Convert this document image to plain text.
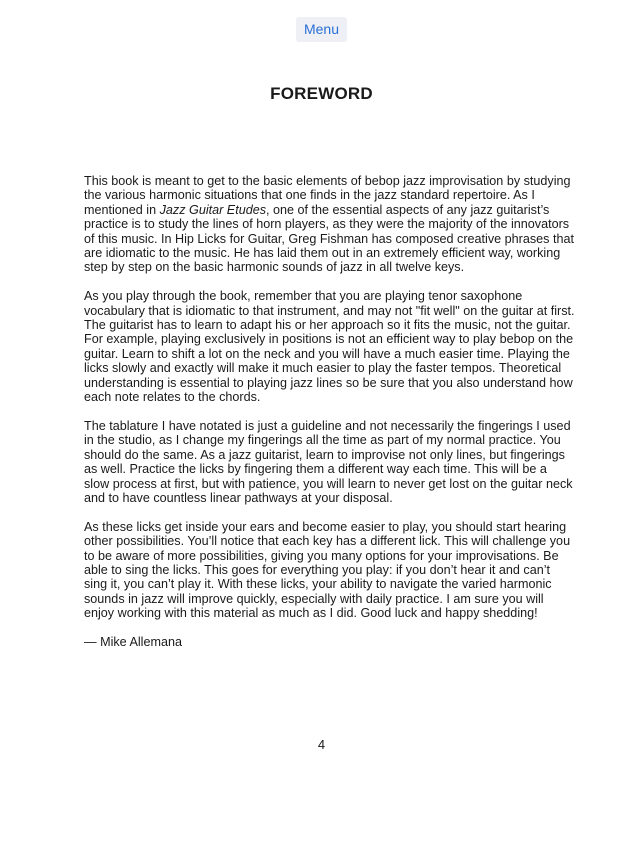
Menu
FOREWORD

This book is meant to get to the basic elements of bebop jazz improvisation by studying
the various harmonic situations that one finds in the jazz standard repertoire. As I
mentioned in Jazz Guitar Etudes, one of the essential aspects of any jazz guitarist’s
practice is to study the lines of horn players, as they were the majority of the innovators
of this music. In Hip Licks for Guitar, Greg Fishman has composed creative phrases that
are idiomatic to the music. He has laid them out in an extremely efficient way, working
step by step on the basic harmonic sounds of jazz in all twelve keys.

As you play through the book, remember that you are playing tenor saxophone
vocabulary that is idiomatic to that instrument, and may not "fit well" on the guitar at first.
The guitarist has to learn to adapt his or her approach so it fits the music, not the guitar.
For example, playing exclusively in positions is not an efficient way to play bebop on the
guitar. Learn to shift a lot on the neck and you will have a much easier time. Playing the
licks slowly and exactly will make it much easier to play the faster tempos. Theoretical
understanding is essential to playing jazz lines so be sure that you also understand how
each note relates to the chords.

The tablature I have notated is just a guideline and not necessarily the fingerings I used
in the studio, as I change my fingerings all the time as part of my normal practice. You
should do the same. As a jazz guitarist, learn to improvise not only lines, but fingerings
as well. Practice the licks by fingering them a different way each time. This will be a
slow process at first, but with patience, you will learn to never get lost on the guitar neck
and to have countless linear pathways at your disposal.

As these licks get inside your ears and become easier to play, you should start hearing
other possibilities. You’ll notice that each key has a different lick. This will challenge you
to be aware of more possibilities, giving you many options for your improvisations. Be
able to sing the licks. This goes for everything you play: if you don’t hear it and can’t
sing it, you can’t play it. With these licks, your ability to navigate the varied harmonic
sounds in jazz will improve quickly, especially with daily practice. I am sure you will
enjoy working with this material as much as I did. Good luck and happy shedding!

— Mike Allemana

4
